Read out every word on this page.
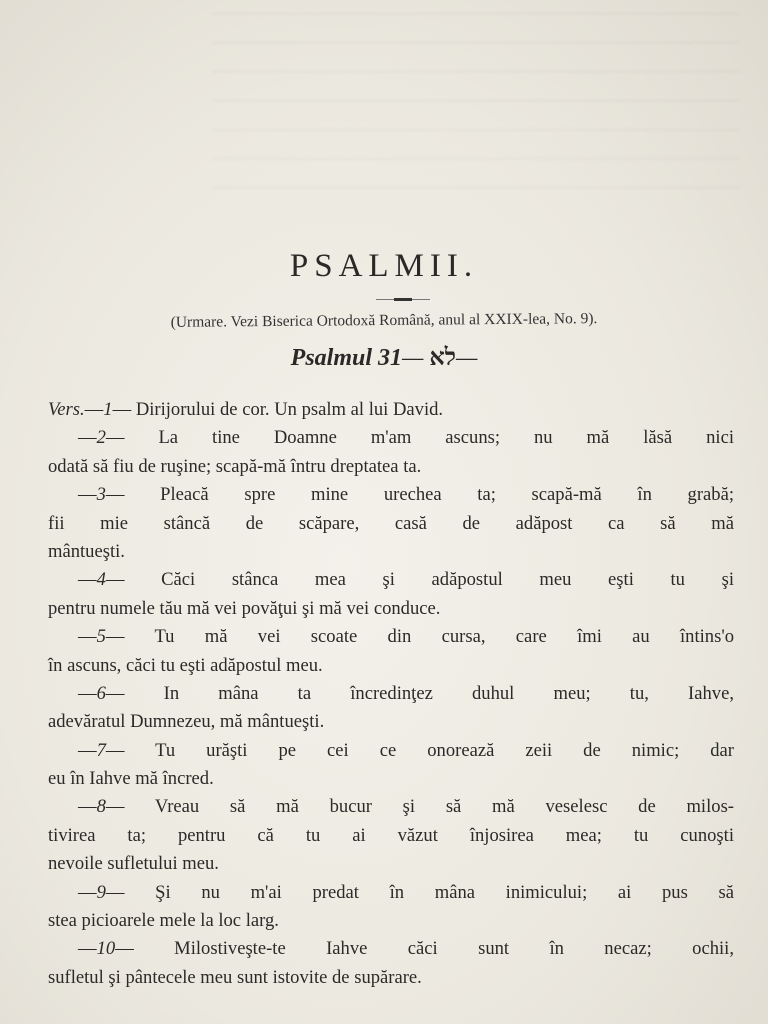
~~~~~~~~~~~~~~~~~~~~~~~~~~~~~~~~~~~~~~~~~~~~~~~~~~~~~~~~~~~~~
~~~~~~~~~~~~~~~~~~~~~~~~~~~~~~~~~~~~~~~~~~~~~~~~~~~~~~~~~~~~~
~~~~~~~~~~~~~~~~~~~~~~~~~~~~~~~~~~~~~~~~~~~~~~~~~~~~~~~~~~~~~
~~~~~~~~~~~~~~~~~~~~~~~~~~~~~~~~~~~~~~~~~~~~~~~~~~~~~~~~~~~~~
~~~~~~~~~~~~~~~~~~~~~~~~~~~~~~~~~~~~~~~~~~~~~~~~~~~~~~~~~~~~~
~~~~~~~~~~~~~~~~~~~~~~~~~~~~~~~~~~~~~~~~~~~~~~~~~~~~~~~~~~~~~
~~~~~~~~~~~~~~~~~~~~~~~~~~~~~~~~~~~~~~~~~~~~~~~~~~~~~~~~~~~~~
PSALMII.
(Urmare. Vezi Biserica Ortodoxă Română, anul al XXIX-lea, No. 9).
Psalmul לא —31 —
Vers.—1— Dirijorului de cor. Un psalm al lui David.
—2— La tine Doamne m'am ascuns; nu mă lăsă nici
odată să fiu de ruşine; scapă-mă întru dreptatea ta.
—3— Pleacă spre mine urechea ta; scapă-mă în grabă;
fii mie stâncă de scăpare, casă de adăpost ca să mă
mântueşti.
—4— Căci stânca mea şi adăpostul meu eşti tu şi
pentru numele tău mă vei povăţui şi mă vei conduce.
—5— Tu mă vei scoate din cursa, care îmi au întins'o
în ascuns, căci tu eşti adăpostul meu.
—6— In mâna ta încredinţez duhul meu; tu, Iahve,
adevăratul Dumnezeu, mă mântueşti.
—7— Tu urăşti pe cei ce onorează zeii de nimic; dar
eu în Iahve mă încred.
—8— Vreau să mă bucur şi să mă veselesc de milos-
tivirea ta; pentru că tu ai văzut înjosirea mea; tu cunoşti
nevoile sufletului meu.
—9— Şi nu m'ai predat în mâna inimicului; ai pus să
stea picioarele mele la loc larg.
—10— Milostiveşte-te Iahve căci sunt în necaz; ochii,
sufletul şi pântecele meu sunt istovite de supărare.
